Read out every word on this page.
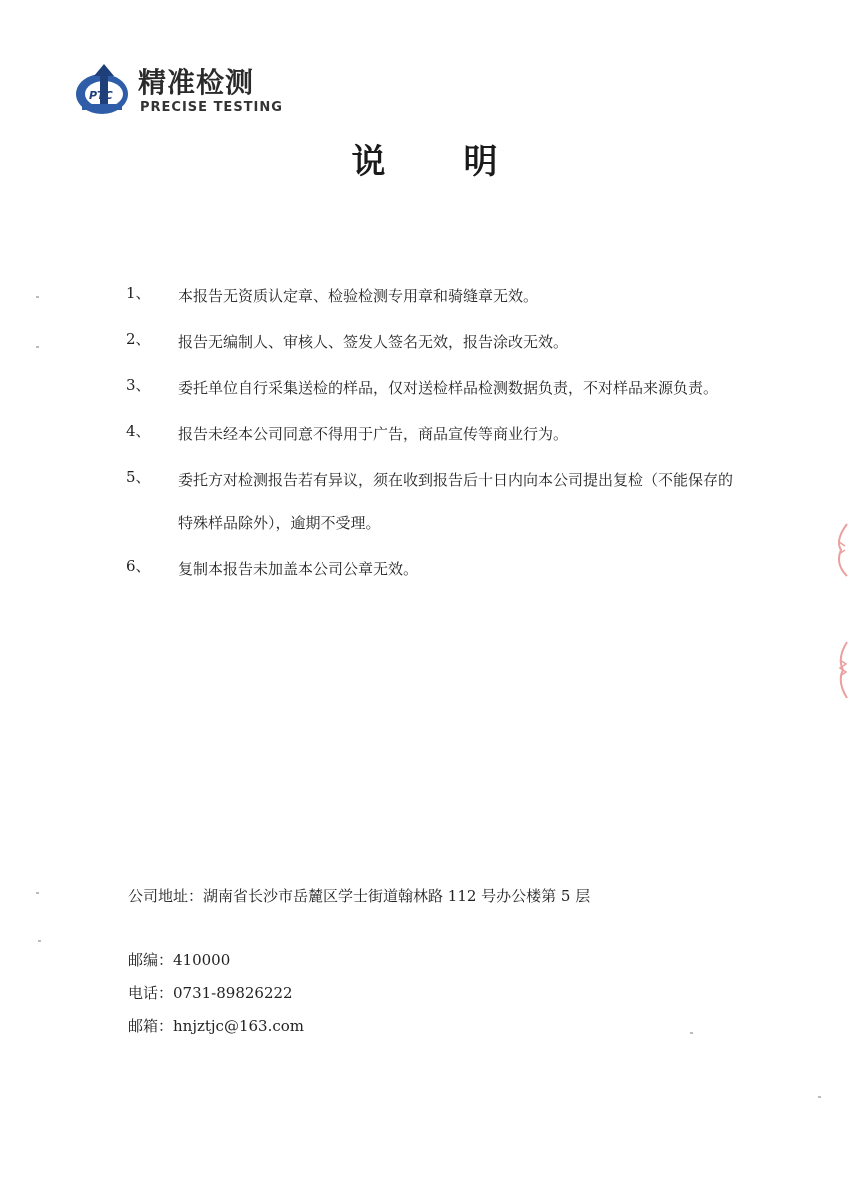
PTC 精准检测
PRECISE TESTING
说明
1、	本报告无资质认定章、检验检测专用章和骑缝章无效。
2、	报告无编制人、审核人、签发人签名无效，报告涂改无效。
3、	委托单位自行采集送检的样品，仅对送检样品检测数据负责，不对样品来源负责。
4、	报告未经本公司同意不得用于广告，商品宣传等商业行为。
5、	委托方对检测报告若有异议，须在收到报告后十日内向本公司提出复检（不能保存的特殊样品除外），逾期不受理。
6、	复制本报告未加盖本公司公章无效。
公司地址：湖南省长沙市岳麓区学士街道翰林路 112 号办公楼第 5 层
邮编：410000
电话：0731-89826222
邮箱：hnjztjc@163.com
